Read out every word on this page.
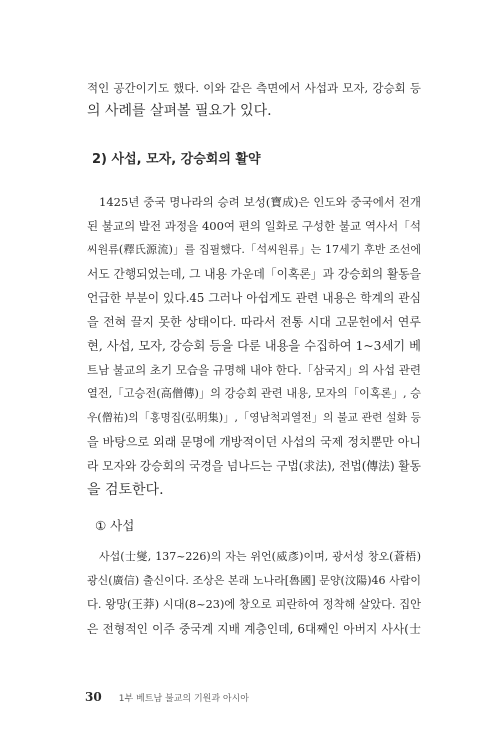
적인 공간이기도 했다. 이와 같은 측면에서 사섭과 모자, 강승회 등
의 사례를 살펴볼 필요가 있다.
2) 사섭, 모자, 강승회의 활약
1425년 중국 명나라의 승려 보성(寶成)은 인도와 중국에서 전개
된 불교의 발전 과정을 400여 편의 일화로 구성한 불교 역사서「석
씨원류(釋氏源流)」를 집필했다.「석씨원류」는 17세기 후반 조선에
서도 간행되었는데, 그 내용 가운데「이혹론」과 강승회의 활동을
언급한 부분이 있다.45 그러나 아쉽게도 관련 내용은 학계의 관심
을 전혀 끌지 못한 상태이다. 따라서 전통 시대 고문헌에서 연루
현, 사섭, 모자, 강승회 등을 다룬 내용을 수집하여 1~3세기 베
트남 불교의 초기 모습을 규명해 내야 한다.「삼국지」의 사섭 관련
열전,「고승전(高僧傳)」의 강승회 관련 내용, 모자의「이혹론」, 승
우(僧祐)의「홍명집(弘明集)」,「영남척괴열전」의 불교 관련 설화 등
을 바탕으로 외래 문명에 개방적이던 사섭의 국제 정치뿐만 아니
라 모자와 강승회의 국경을 넘나드는 구법(求法), 전법(傳法) 활동
을 검토한다.
① 사섭
사섭(士燮, 137~226)의 자는 위언(威彥)이며, 광서성 창오(蒼梧)
광신(廣信) 출신이다. 조상은 본래 노나라[魯國] 문양(汶陽)46 사람이
다. 왕망(王莽) 시대(8~23)에 창오로 피란하여 정착해 살았다. 집안
은 전형적인 이주 중국계 지배 계층인데, 6대째인 아버지 사사(士
30 1부 베트남 불교의 기원과 아시아
